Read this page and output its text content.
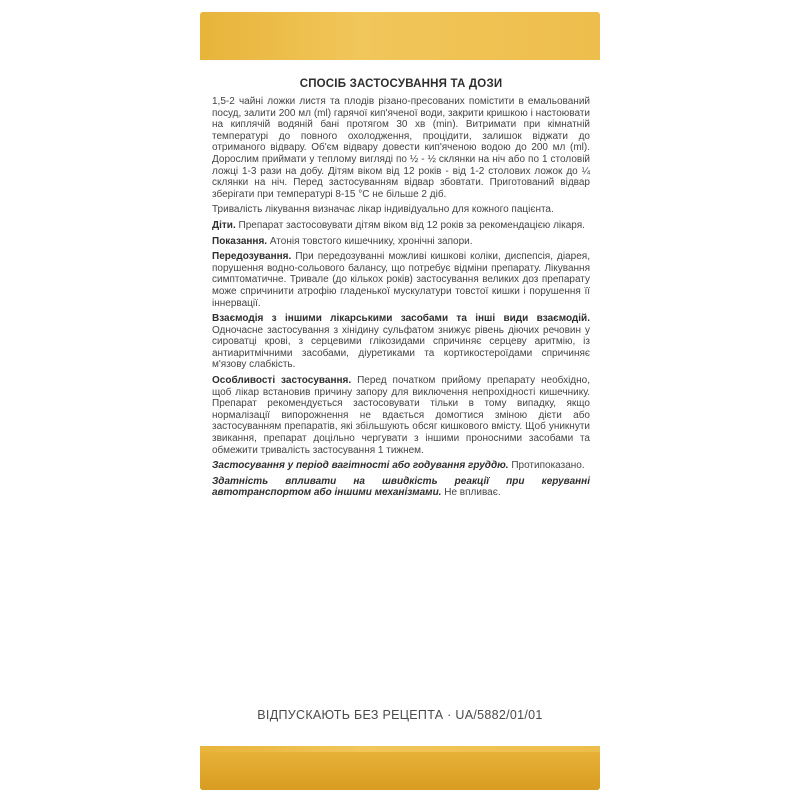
СПОСІБ ЗАСТОСУВАННЯ ТА ДОЗИ

1,5-2 чайні ложки листя та плодів різано-пресованих помістити в емальований посуд, залити 200 мл (ml) гарячої кип'яченої води, закрити кришкою і настоювати на киплячій водяній бані протягом 30 хв (min). Витримати при кімнатній температурі до повного охолодження, процідити, залишок віджати до отриманого відвару. Об'єм відвару довести кип'яченою водою до 200 мл (ml). Дорослим приймати у теплому вигляді по ½ - ½ склянки на ніч або по 1 столовій ложці 1-3 рази на добу. Дітям віком від 12 років - від 1-2 столових ложок до ¼ склянки на ніч. Перед застосуванням відвар збовтати. Приготований відвар зберігати при температурі 8-15 °С не більше 2 діб.

Тривалість лікування визначає лікар індивідуально для кожного пацієнта.

Діти. Препарат застосовувати дітям віком від 12 років за рекомендацією лікаря.

Показання. Атонія товстого кишечнику, хронічні запори.

Передозування. При передозуванні можливі кишкові коліки, диспепсія, діарея, порушення водно-сольового балансу, що потребує відміни препарату. Лікування симптоматичне. Тривале (до кількох років) застосування великих доз препарату може спричинити атрофію гладенької мускулатури товстої кишки і порушення її іннервації.

Взаємодія з іншими лікарськими засобами та інші види взаємодій. Одночасне застосування з хінідину сульфатом знижує рівень діючих речовин у сироватці крові, з серцевими глікозидами спричиняє серцеву аритмію, із антиаритмічними засобами, діуретиками та кортикостероїдами спричиняє м'язову слабкість.

Особливості застосування. Перед початком прийому препарату необхідно, щоб лікар встановив причину запору для виключення непрохідності кишечнику. Препарат рекомендується застосовувати тільки в тому випадку, якщо нормалізації випорожнення не вдається домогтися зміною дієти або застосуванням препаратів, які збільшують обсяг кишкового вмісту. Щоб уникнути звикання, препарат доцільно чергувати з іншими проносними засобами та обмежити тривалість застосування 1 тижнем.

Застосування у період вагітності або годування груддю. Протипоказано.

Здатність впливати на швидкість реакції при керуванні автотранспортом або іншими механізмами. Не впливає.

ВІДПУСКАЮТЬ БЕЗ РЕЦЕПТА · UA/5882/01/01
